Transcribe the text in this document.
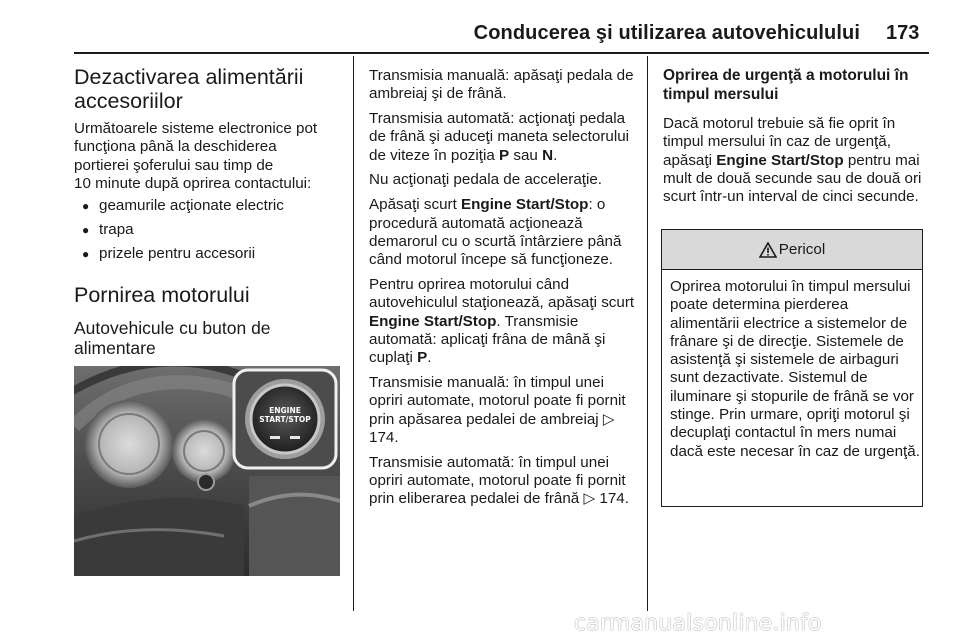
Conducerea şi utilizarea autovehiculului 173
Dezactivarea alimentării accesoriilor
Următoarele sisteme electronice pot
funcţiona până la deschiderea
portierei şoferului sau timp de
10 minute după oprirea contactului:
● geamurile acţionate electric
● trapa
● prizele pentru accesorii
Pornirea motorului
Autovehicule cu buton de alimentare
ENGINE
START/STOP

Transmisia manuală: apăsaţi pedala de ambreiaj şi de frână.

Transmisia automată: acţionaţi pedala de frână şi aduceţi maneta selectorului de viteze în poziţia P sau N.

Nu acţionaţi pedala de acceleraţie.

Apăsaţi scurt Engine Start/Stop: o procedură automată acţionează demarorul cu o scurtă întârziere până când motorul începe să funcţioneze.

Pentru oprirea motorului când autovehiculul staţionează, apăsaţi scurt Engine Start/Stop. Transmisie automată: aplicaţi frâna de mână şi cuplaţi P.

Transmisie manuală: în timpul unei opriri automate, motorul poate fi pornit prin apăsarea pedalei de ambreiaj ▷ 174.

Transmisie automată: în timpul unei opriri automate, motorul poate fi pornit prin eliberarea pedalei de frână ▷ 174.

Oprirea de urgenţă a motorului în timpul mersului

Dacă motorul trebuie să fie oprit în timpul mersului în caz de urgenţă, apăsaţi Engine Start/Stop pentru mai mult de două secunde sau de două ori scurt într-un interval de cinci secunde.

Pericol
Oprirea motorului în timpul mersului poate determina pierderea alimentării electrice a sistemelor de frânare şi de direcţie. Sistemele de asistenţă şi sistemele de airbaguri sunt dezactivate. Sistemul de iluminare şi stopurile de frână se vor stinge. Prin urmare, opriţi motorul şi decuplaţi contactul în mers numai dacă este necesar în caz de urgenţă.
carmanualsonline.info
